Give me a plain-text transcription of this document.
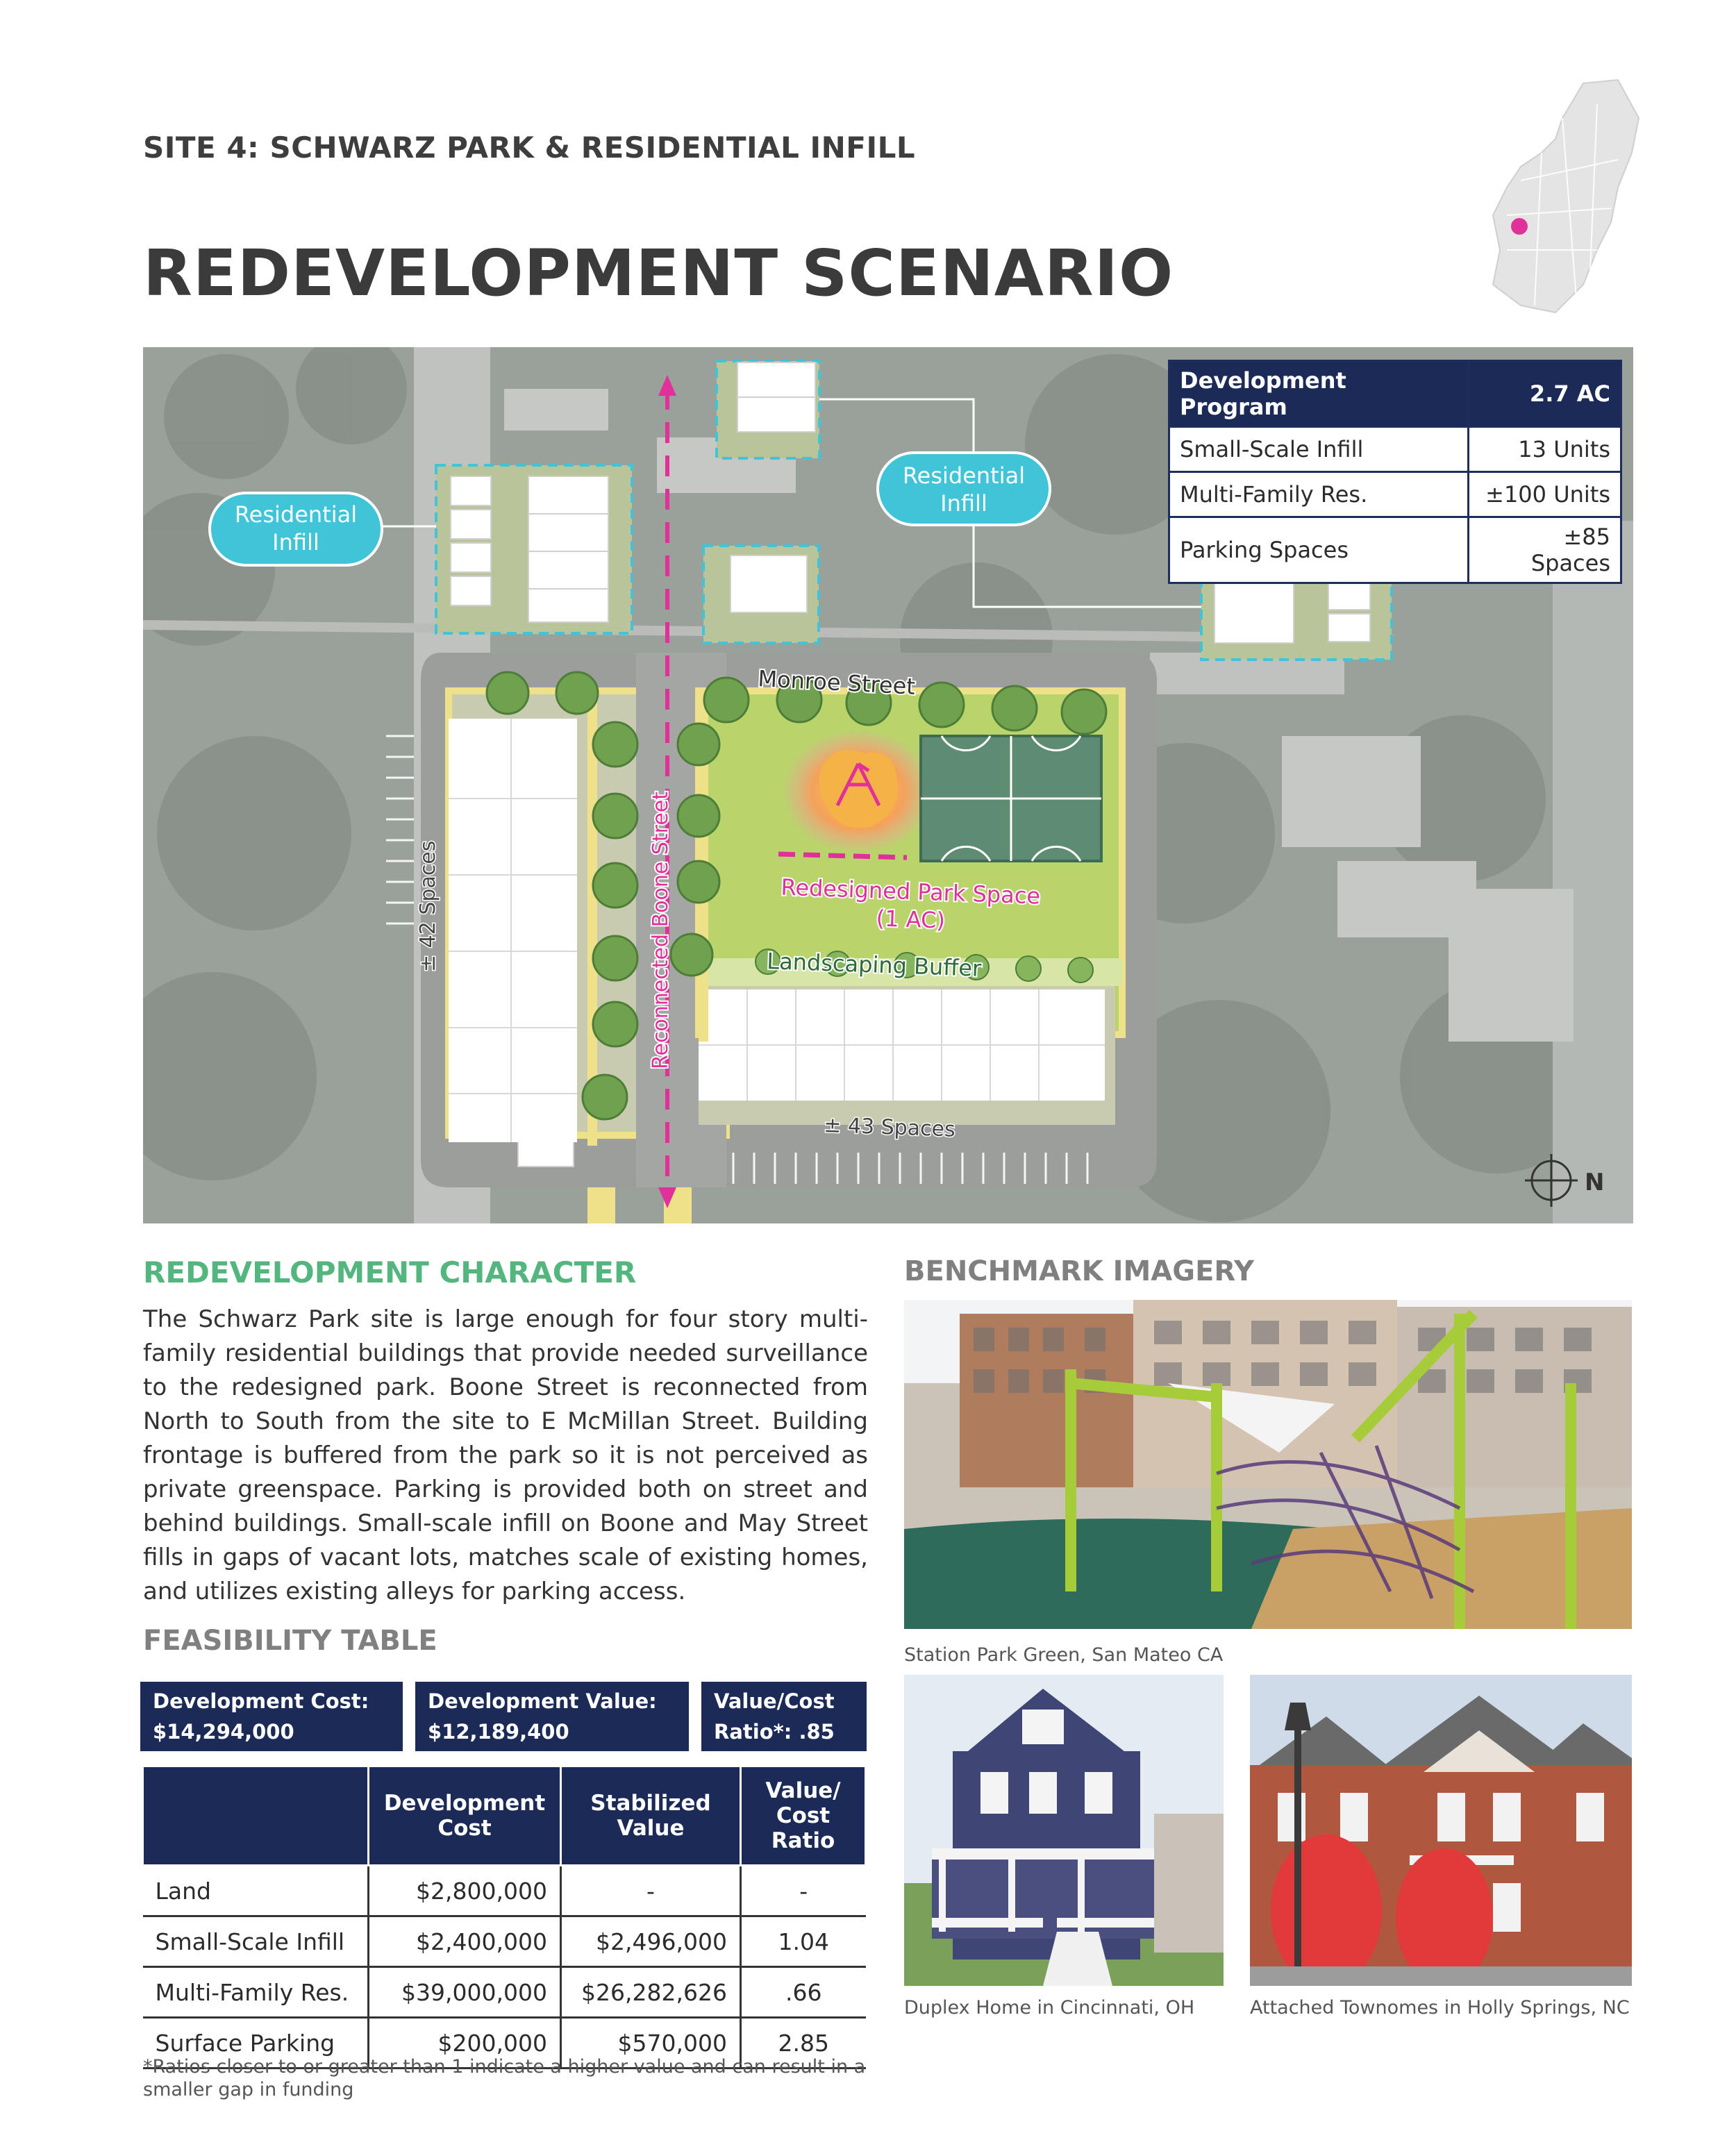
SITE 4: SCHWARZ PARK & RESIDENTIAL INFILL
REDEVELOPMENT SCENARIO
Residential
Infill
Residential
Infill
Monroe Street
Reconnected Boone Street	Redesigned Park Space
(1 AC)
Landscaping Buffer
± 42 Spaces
± 43 Spaces
N
Development Program	2.7 AC
Small-Scale Infill	13 Units
Multi-Family Res.	±100 Units
Parking Spaces	±85 Spaces
REDEVELOPMENT CHARACTER
The Schwarz Park site is large enough for four story multi-family residential buildings that provide needed surveillance to the redesigned park. Boone Street is reconnected from North to South from the site to E McMillan Street. Building frontage is buffered from the park so it is not perceived as private greenspace. Parking is provided both on street and behind buildings. Small-scale infill on Boone and May Street fills in gaps of vacant lots, matches scale of existing homes, and utilizes existing alleys for parking access.
FEASIBILITY TABLE
Development Cost:
$14,294,000
Development Value:
$12,189,400
Value/Cost
Ratio*: .85
	Development Cost	Stabilized Value	Value/ Cost Ratio
Land	$2,800,000	-	-
Small-Scale Infill	$2,400,000	$2,496,000	1.04
Multi-Family Res.	$39,000,000	$26,282,626	.66
Surface Parking	$200,000	$570,000	2.85
*Ratios closer to or greater than 1 indicate a higher value and can result in a smaller gap in funding
BENCHMARK IMAGERY
Station Park Green, San Mateo CA
Duplex Home in Cincinnati, OH	Attached Townomes in Holly Springs, NC
